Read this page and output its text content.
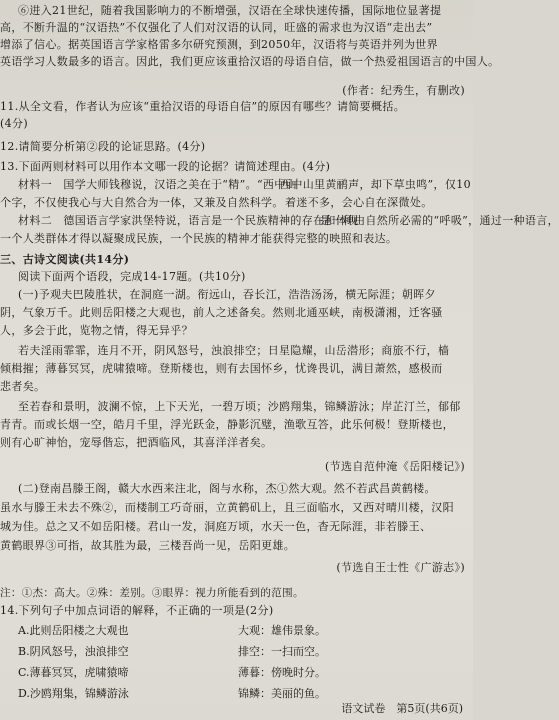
⑥进入21世纪，随着我国影响力的不断增强，汉语在全球快速传播，国际地位显著提
高，不断升温的“汉语热”不仅强化了人们对汉语的认同，旺盛的需求也为汉语“走出去”
增添了信心。据英国语言学家格雷多尔研究预测，到2050年，汉语将与英语并列为世界
英语学习人数最多的语言。因此，我们更应该重拾汉语的母语自信，做一个热爱祖国语言的中国人。
(作者：纪秀生，有删改)
11.从全文看，作者认为应该“重拾汉语的母语自信”的原因有哪些？请简要概括。
(4分)
12.请简要分析第②段的论证思路。(4分)
13.下面两则材料可以用作本文哪一段的论据？请简述理由。(4分)
材料一　国学大师钱穆说，汉语之美在于“精”。“西中山
西中山里黄鹂声，却下草虫鸣”，仅10
个字，不仅使我心与大自然合为一体，又兼及自然科学。 着迷不多，会心自在深微处。
材料二　德国语言学家洪堡特说，语言是一个民族精神的存在和体现
是一种由自然所必需的“呼吸”，通过一种语言，
一个人类群体才得以凝聚成民族，一个民族的精神才能获得完整的映照和表达。
三、古诗文阅读(共14分)
阅读下面两个语段，完成14-17题。(共10分)
(一)予观夫巴陵胜状，在洞庭一湖。衔远山，吞长江，浩浩汤汤，横无际涯；朝晖夕
阴，气象万千。此则岳阳楼之大观也，前人之述备矣。然则北通巫峡，南极潇湘，迁客骚
人，多会于此，览物之情，得无异乎？
若夫淫雨霏霏，连月不开，阴风怒号，浊浪排空；日星隐耀，山岳潜形；商旅不行，樯
倾楫摧；薄暮冥冥，虎啸猿啼。登斯楼也，则有去国怀乡，忧谗畏讥，满目萧然，感极而
悲者矣。
至若春和景明，波澜不惊，上下天光，一碧万顷；沙鸥翔集，锦鳞游泳；岸芷汀兰，郁郁
青青。而或长烟一空，皓月千里，浮光跃金，静影沉璧，渔歌互答，此乐何极！登斯楼也，
则有心旷神怡，宠辱偕忘，把酒临风，其喜洋洋者矣。
(节选自范仲淹《岳阳楼记》)
(二)登南昌滕王阁，赣大水西来注北，阁与水称，杰①然大观。然不若武昌黄鹤楼。
虽水与滕王未去不殊②，而楼制工巧奇丽，立黄鹤矶上，且三面临水，又西对晴川楼，汉阳
城为佳。总之又不如岳阳楼。君山一发，洞庭万顷，水天一色，杳无际涯，非若滕王、
黄鹤眼界③可指，故其胜为最，三楼吾尚一见，岳阳更雄。
(节选自王士性《广游志》)
注：①杰：高大。②殊：差别。③眼界：视力所能看到的范围。
14.下列句子中加点词语的解释，不正确的一项是(2分)
A.此则岳阳楼之大观也	大观：雄伟景象。
B.阴风怒号，浊浪排空	排空：一扫而空。
C.薄暮冥冥，虎啸猿啼	薄暮：傍晚时分。
D.沙鸥翔集，锦鳞游泳	锦鳞：美丽的鱼。
语文试卷　第5页(共6页)
